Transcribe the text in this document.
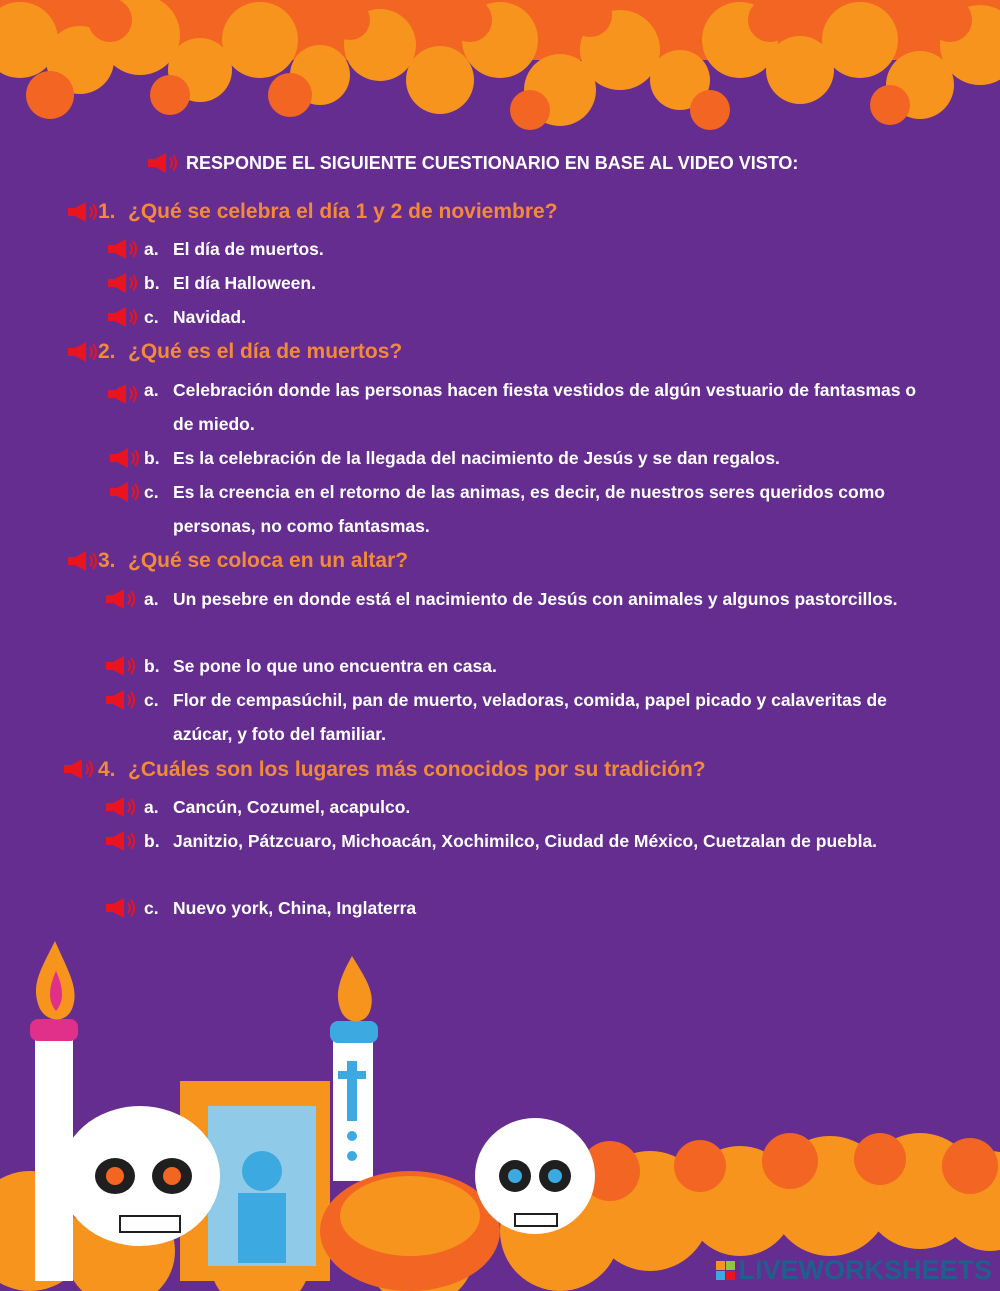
RESPONDE EL SIGUIENTE CUESTIONARIO EN BASE AL VIDEO VISTO:
1. ¿Qué se celebra el día 1 y 2 de noviembre?
a. El día de muertos.
b. El día Halloween.
c. Navidad.
2. ¿Qué es el día de muertos?
a. Celebración donde las personas hacen fiesta vestidos de algún vestuario de fantasmas o de miedo.
b. Es la celebración de la llegada del nacimiento de Jesús y se dan regalos.
c. Es la creencia en el retorno de las animas, es decir, de nuestros seres queridos como personas, no como fantasmas.
3. ¿Qué se coloca en un altar?
a. Un pesebre en donde está el nacimiento de Jesús con animales y algunos pastorcillos.
b. Se pone lo que uno encuentra en casa.
c. Flor de cempasúchil, pan de muerto, veladoras, comida, papel picado y calaveritas de azúcar, y foto del familiar.
4. ¿Cuáles son los lugares más conocidos por su tradición?
a. Cancún, Cozumel, acapulco.
b. Janitzio, Pátzcuaro, Michoacán, Xochimilco, Ciudad de México, Cuetzalan de puebla.
c. Nuevo york, China, Inglaterra
LIVEWORKSHEETS
